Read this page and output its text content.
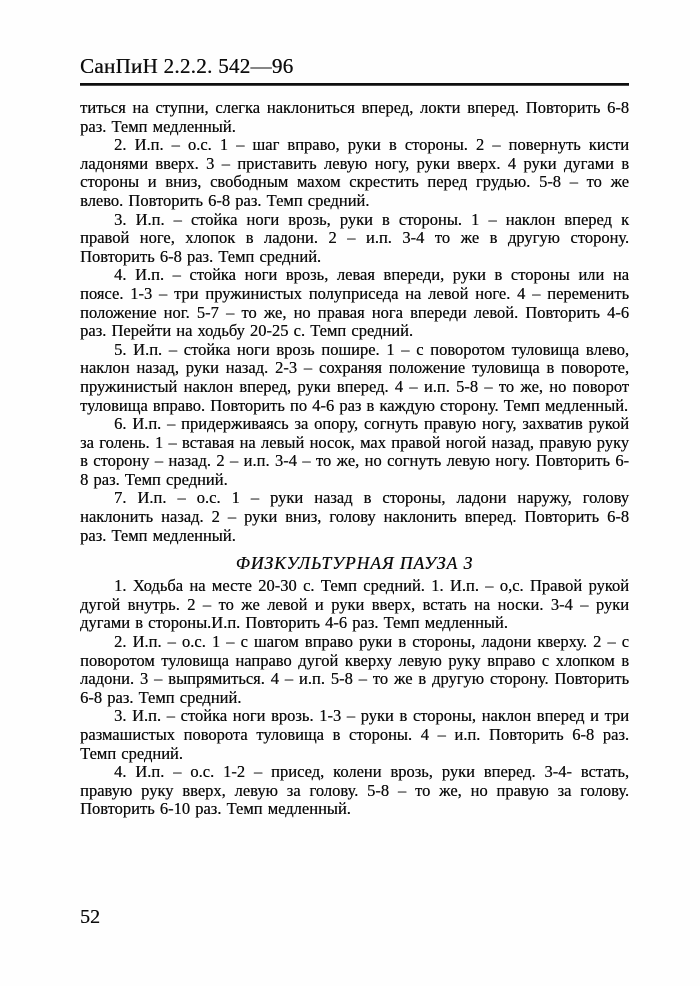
СанПиН 2.2.2. 542—96

титься на ступни, слегка наклониться вперед, локти вперед. Повторить 6-8 раз. Темп медленный.

2. И.п. – о.с. 1 – шаг вправо, руки в стороны. 2 – повернуть кисти ладонями вверх. 3 – приставить левую ногу, руки вверх. 4 руки дугами в стороны и вниз, свободным махом скрестить перед грудью. 5-8 – то же влево. Повторить 6-8 раз. Темп средний.

3. И.п. – стойка ноги врозь, руки в стороны. 1 – наклон вперед к правой ноге, хлопок в ладони. 2 – и.п. 3-4 то же в другую сторону. Повторить 6-8 раз. Темп средний.

4. И.п. – стойка ноги врозь, левая впереди, руки в стороны или на поясе. 1-3 – три пружинистых полуприседа на левой ноге. 4 – переменить положение ног. 5-7 – то же, но правая нога впереди левой. Повторить 4-6 раз. Перейти на ходьбу 20-25 с. Темп средний.

5. И.п. – стойка ноги врозь пошире. 1 – с поворотом туловища влево, наклон назад, руки назад. 2-3 – сохраняя положение туловища в повороте, пружинистый наклон вперед, руки вперед. 4 – и.п. 5-8 – то же, но поворот туловища вправо. Повторить по 4-6 раз в каждую сторону. Темп медленный.

6. И.п. – придерживаясь за опору, согнуть правую ногу, захватив рукой за голень. 1 – вставая на левый носок, мах правой ногой назад, правую руку в сторону – назад. 2 – и.п. 3-4 – то же, но согнуть левую ногу. Повторить 6-8 раз. Темп средний.

7. И.п. – о.с. 1 – руки назад в стороны, ладони наружу, голову наклонить назад. 2 – руки вниз, голову наклонить вперед. Повторить 6-8 раз. Темп медленный.

ФИЗКУЛЬТУРНАЯ ПАУЗА 3

1. Ходьба на месте 20-30 с. Темп средний. 1. И.п. – о,с. Правой рукой дугой внутрь. 2 – то же левой и руки вверх, встать на носки. 3-4 – руки дугами в стороны.И.п. Повторить 4-6 раз. Темп медленный.

2. И.п. – о.с. 1 – с шагом вправо руки в стороны, ладони кверху. 2 – с поворотом туловища направо дугой кверху левую руку вправо с хлопком в ладони. 3 – выпрямиться. 4 – и.п. 5-8 – то же в другую сторону. Повторить 6-8 раз. Темп средний.

3. И.п. – стойка ноги врозь. 1-3 – руки в стороны, наклон вперед и три размашистых поворота туловища в стороны. 4 – и.п. Повторить 6-8 раз. Темп средний.

4. И.п. – о.с. 1-2 – присед, колени врозь, руки вперед. 3-4- встать, правую руку вверх, левую за голову. 5-8 – то же, но правую за голову. Повторить 6-10 раз. Темп медленный.

52
